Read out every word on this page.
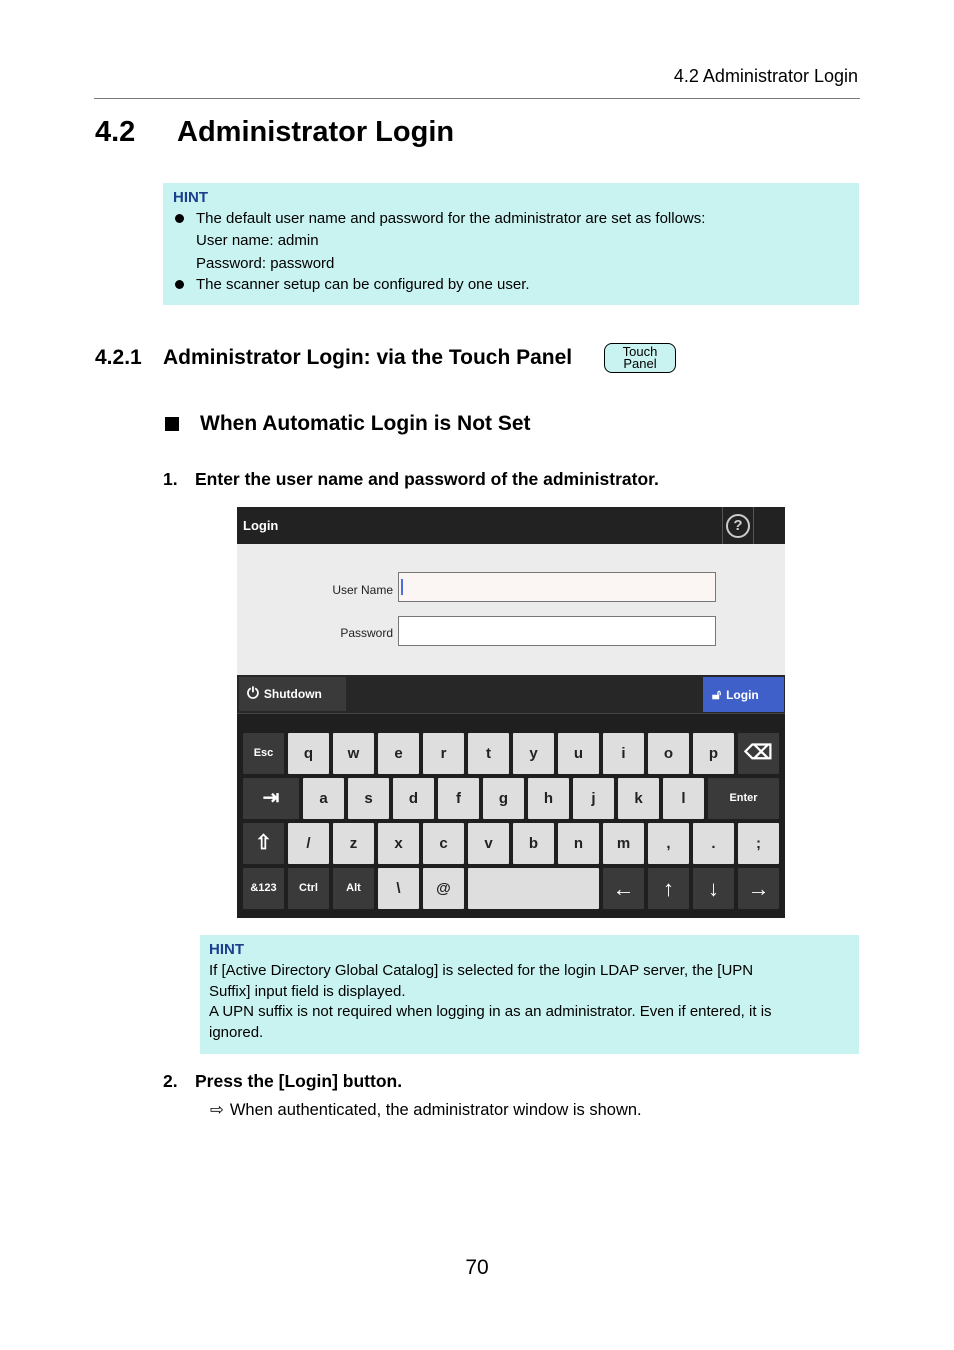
4.2 Administrator Login
4.2 Administrator Login
HINT
The default user name and password for the administrator are set as follows:
User name: admin
Password: password
The scanner setup can be configured by one user.
4.2.1 Administrator Login: via the Touch Panel	Touch
Panel
When Automatic Login is Not Set
1. Enter the user name and password of the administrator.
Login	?
User Name
Password
⏻ Shutdown	🔓︎ Login
Esc	q	w	e	r	t	y	u	i	o	p	⌫
⇥	a	s	d	f	g	h	j	k	l	Enter
⇧	/	z	x	c	v	b	n	m	,	.	;
&123	Ctrl	Alt	\	@	←	↑	↓	→
HINT
If [Active Directory Global Catalog] is selected for the login LDAP server, the [UPN
Suffix] input field is displayed.
A UPN suffix is not required when logging in as an administrator. Even if entered, it is
ignored.
2. Press the [Login] button.
⇨ When authenticated, the administrator window is shown.
70
